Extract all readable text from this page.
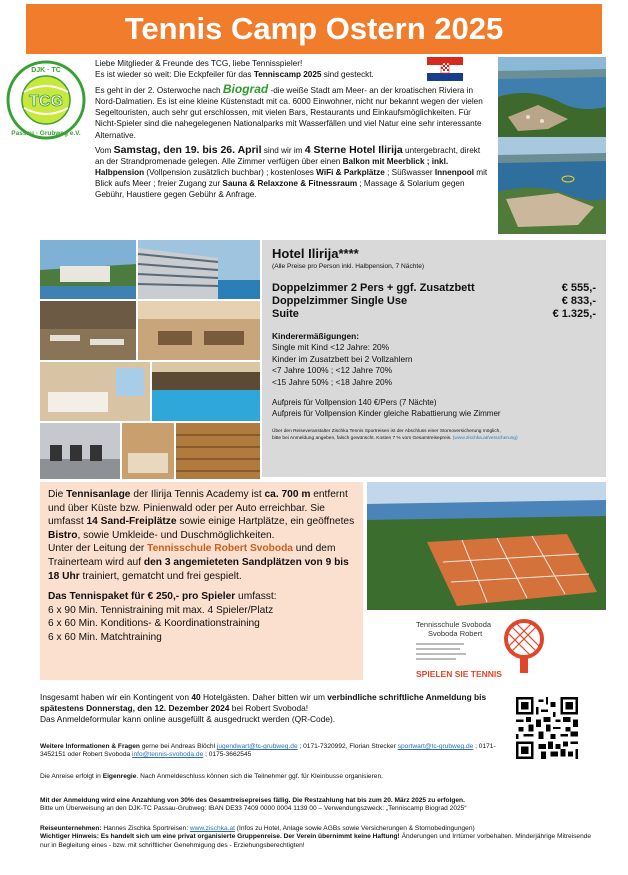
Tennis Camp Ostern 2025
TCG
DJK · TC
Passau · Grubweg e.V.

Liebe Mitglieder & Freunde des TCG, liebe Tennisspieler!
Es ist wieder so weit: Die Eckpfeiler für das Tenniscamp 2025 sind gesteckt.

Es geht in der 2. Osterwoche nach Biograd -die weiße Stadt am Meer- an der kroatischen Riviera in Nord-Dalmatien. Es ist eine kleine Küstenstadt mit ca. 6000 Einwohner, nicht nur bekannt wegen der vielen Segeltouristen, auch sehr gut erschlossen, mit vielen Bars, Restaurants und Einkaufsmöglichkeiten. Für Nicht-Spieler sind die nahegelegenen Nationalparks mit Wasserfällen und viel Natur eine sehr interessante Alternative.

Vom Samstag, den 19. bis 26. April sind wir im 4 Sterne Hotel Ilirija untergebracht, direkt an der Strandpromenade gelegen. Alle Zimmer verfügen über einen Balkon mit Meerblick ; inkl. Halbpension (Vollpension zusätzlich buchbar) ; kostenloses WiFi & Parkplätze ; Süßwasser Innenpool mit Blick aufs Meer ; freier Zugang zur Sauna & Relaxzone & Fitnessraum ; Massage & Solarium gegen Gebühr, Haustiere gegen Gebühr & Anfrage.

Hotel Ilirija****
(Alle Preise pro Person inkl. Halbpension, 7 Nächte)
Doppelzimmer 2 Pers + ggf. Zusatzbett	€ 555,-
Doppelzimmer Single Use	€ 833,-
Suite	€ 1.325,-
Kinderermäßigungen:
Single mit Kind <12 Jahre: 20%
Kinder im Zusatzbett bei 2 Vollzahlern
<7 Jahre 100% ; <12 Jahre 70%
<15 Jahre 50% ; <18 Jahre 20%
Aufpreis für Vollpension 140 €/Pers (7 Nächte)
Aufpreis für Vollpension Kinder gleiche Rabattierung wie Zimmer
Über den Reiseveranstalter Zischka Tennis Sportreisen ist der Abschluss einer Stornoversicherung möglich,
bitte bei Anmeldung angeben, falsch gewünscht. Kosten 7 % vom Gesamtreisepreis. (www.zischka.at/versicherung)
Die Tennisanlage der Ilirija Tennis Academy ist ca. 700 m entfernt und über Küste bzw. Pinienwald oder per Auto erreichbar. Sie umfasst 14 Sand-Freiplätze sowie einige Hartplätze, ein geöffnetes Bistro, sowie Umkleide- und Duschmöglichkeiten.
Unter der Leitung der Tennisschule Robert Svoboda und dem Trainerteam wird auf den 3 angemieteten Sandplätzen von 9 bis 18 Uhr trainiert, gematcht und frei gespielt.
Das Tennispaket für € 250,- pro Spieler umfasst:
6 x 90 Min. Tennistraining mit max. 4 Spieler/Platz
6 x 60 Min. Konditions- & Koordinationstraining
6 x 60 Min. Matchtraining
Tennisschule Svoboda
Svoboda Robert
SPIELEN SIE TENNIS
Insgesamt haben wir ein Kontingent von 40 Hotelgästen. Daher bitten wir um verbindliche schriftliche Anmeldung bis spätestens Donnerstag, den 12. Dezember 2024 bei Robert Svoboda!
Das Anmeldeformular kann online ausgefüllt & ausgedruckt werden (QR-Code).
Weitere Informationen & Fragen gerne bei Andreas Blöchl jugendwart@tc-grubweg.de ; 0171-7320992, Florian Strecker sportwart@tc-grubweg.de ; 0171-3452151 oder Robert Svoboda info@tennis-svoboda.de ; 0175-3662545
Die Anreise erfolgt in Eigenregie. Nach Anmeldeschluss können sich die Teilnehmer ggf. für Kleinbusse organisieren.
Mit der Anmeldung wird eine Anzahlung von 30% des Gesamtreisepreises fällig. Die Restzahlung hat bis zum 20. März 2025 zu erfolgen.
Bitte um Überweisung an den DJK-TC Passau-Grubweg: IBAN DE33 7409 0000 0004 1139 00 – Verwendungszweck: „Tenniscamp Biograd 2025“
Reiseunternehmen: Hannes Zischka Sportreisen: www.zischka.at (Infos zu Hotel, Anlage sowie AGBs sowie Versicherungen & Stornobedingungen)
Wichtiger Hinweis: Es handelt sich um eine privat organisierte Gruppenreise. Der Verein übernimmt keine Haftung! Änderungen und Irrtümer vorbehalten. Minderjährige Mitreisende nur in Begleitung eines - bzw. mit schriftlicher Genehmigung des - Erziehungsberechtigten!
